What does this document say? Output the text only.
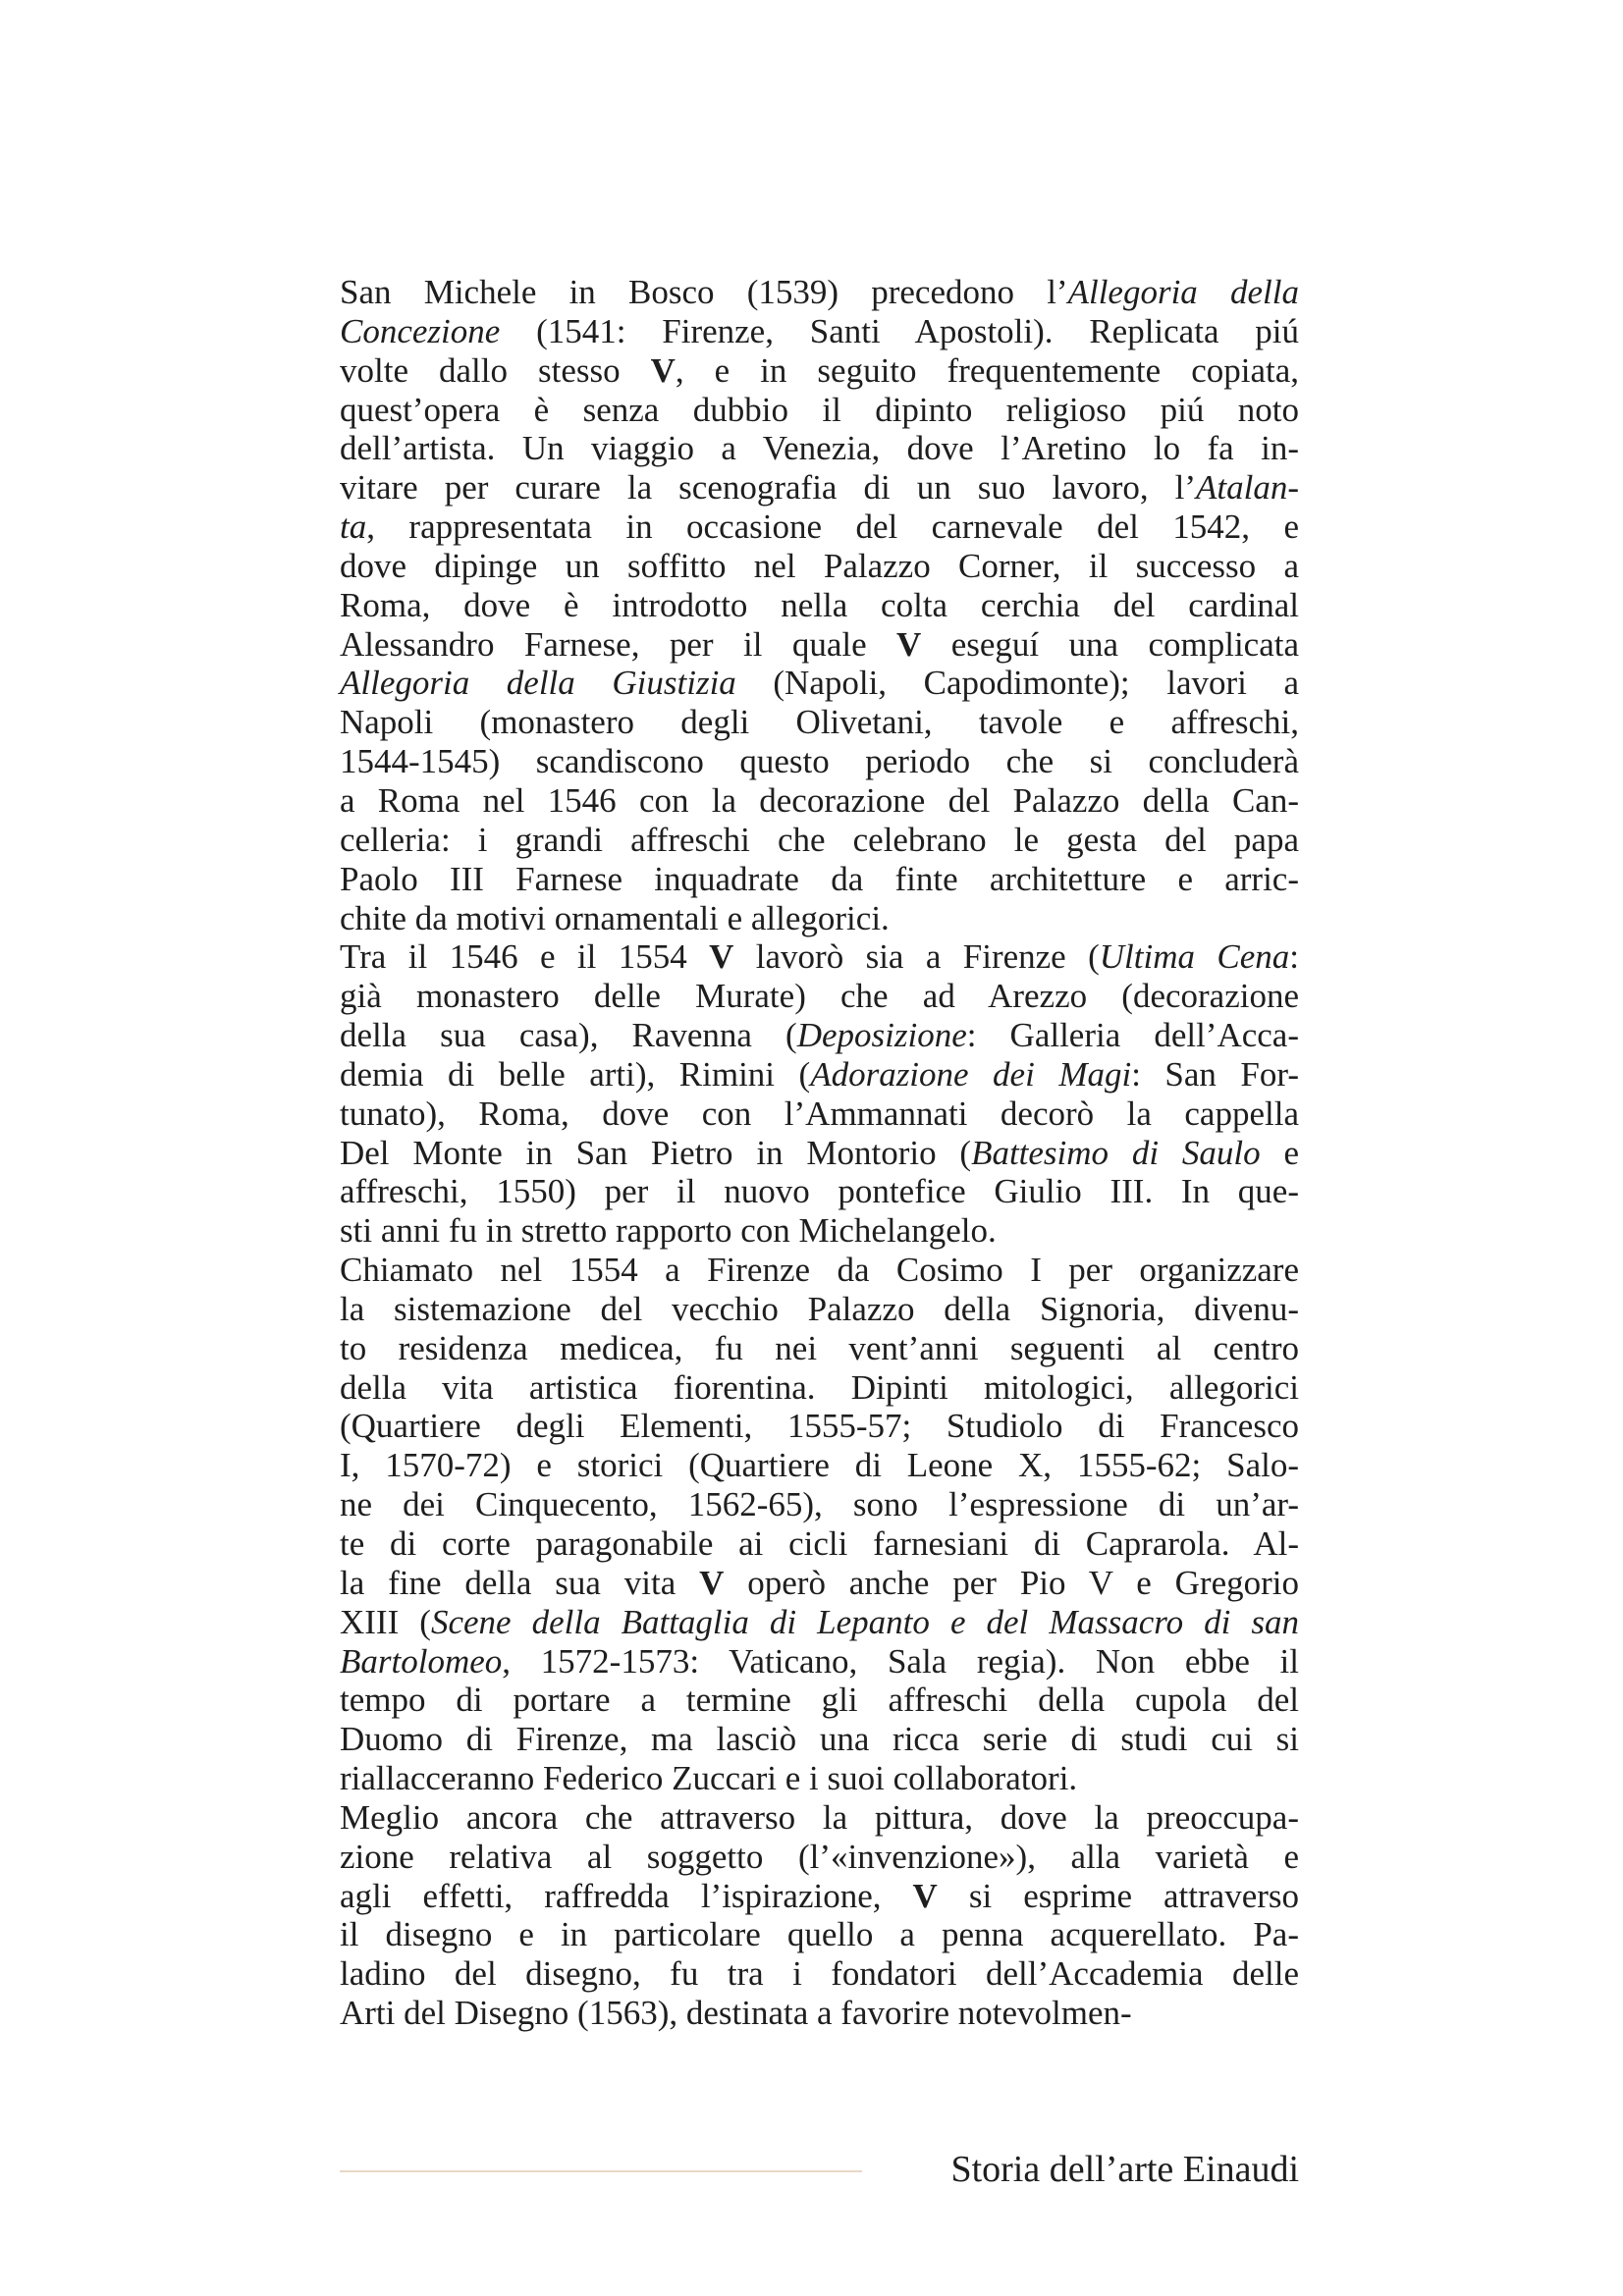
San Michele in Bosco (1539) precedono l’Allegoria della
Concezione (1541: Firenze, Santi Apostoli). Replicata piú
volte dallo stesso V, e in seguito frequentemente copiata,
quest’opera è senza dubbio il dipinto religioso piú noto
dell’artista. Un viaggio a Venezia, dove l’Aretino lo fa in-
vitare per curare la scenografia di un suo lavoro, l’Atalan-
ta, rappresentata in occasione del carnevale del 1542, e
dove dipinge un soffitto nel Palazzo Corner, il successo a
Roma, dove è introdotto nella colta cerchia del cardinal
Alessandro Farnese, per il quale V eseguí una complicata
Allegoria della Giustizia (Napoli, Capodimonte); lavori a
Napoli (monastero degli Olivetani, tavole e affreschi,
1544-1545) scandiscono questo periodo che si concluderà
a Roma nel 1546 con la decorazione del Palazzo della Can-
celleria: i grandi affreschi che celebrano le gesta del papa
Paolo III Farnese inquadrate da finte architetture e arric-
chite da motivi ornamentali e allegorici.
Tra il 1546 e il 1554 V lavorò sia a Firenze (Ultima Cena:
già monastero delle Murate) che ad Arezzo (decorazione
della sua casa), Ravenna (Deposizione: Galleria dell’Acca-
demia di belle arti), Rimini (Adorazione dei Magi: San For-
tunato), Roma, dove con l’Ammannati decorò la cappella
Del Monte in San Pietro in Montorio (Battesimo di Saulo e
affreschi, 1550) per il nuovo pontefice Giulio III. In que-
sti anni fu in stretto rapporto con Michelangelo.
Chiamato nel 1554 a Firenze da Cosimo I per organizzare
la sistemazione del vecchio Palazzo della Signoria, divenu-
to residenza medicea, fu nei vent’anni seguenti al centro
della vita artistica fiorentina. Dipinti mitologici, allegorici
(Quartiere degli Elementi, 1555-57; Studiolo di Francesco
I, 1570-72) e storici (Quartiere di Leone X, 1555-62; Salo-
ne dei Cinquecento, 1562-65), sono l’espressione di un’ar-
te di corte paragonabile ai cicli farnesiani di Caprarola. Al-
la fine della sua vita V operò anche per Pio V e Gregorio
XIII (Scene della Battaglia di Lepanto e del Massacro di san
Bartolomeo, 1572-1573: Vaticano, Sala regia). Non ebbe il
tempo di portare a termine gli affreschi della cupola del
Duomo di Firenze, ma lasciò una ricca serie di studi cui si
riallacceranno Federico Zuccari e i suoi collaboratori.
Meglio ancora che attraverso la pittura, dove la preoccupa-
zione relativa al soggetto (l’«invenzione»), alla varietà e
agli effetti, raffredda l’ispirazione, V si esprime attraverso
il disegno e in particolare quello a penna acquerellato. Pa-
ladino del disegno, fu tra i fondatori dell’Accademia delle
Arti del Disegno (1563), destinata a favorire notevolmen-
Storia dell’arte Einaudi
